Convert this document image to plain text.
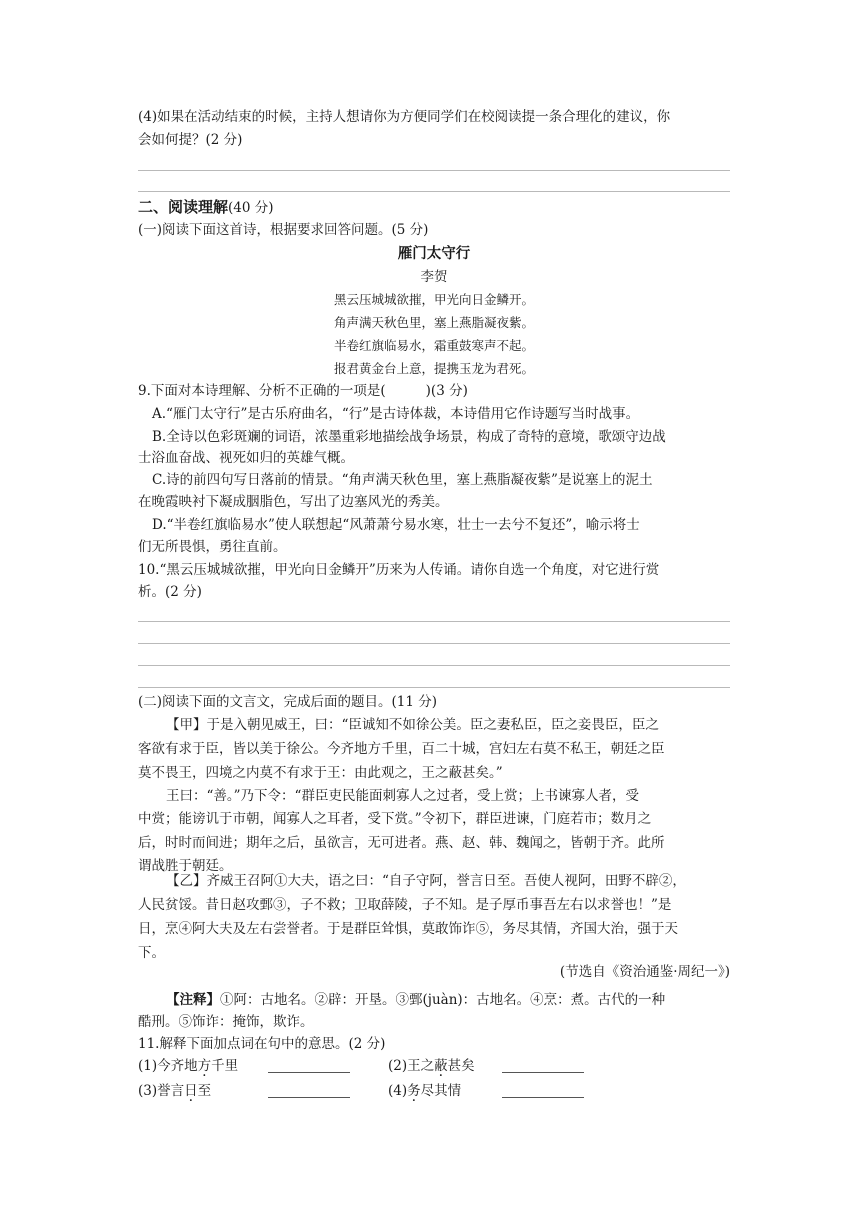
(4)如果在活动结束的时候，主持人想请你为方便同学们在校阅读提一条合理化的建议，你
会如何提？(2 分)
二、阅读理解(40 分)
(一)阅读下面这首诗，根据要求回答问题。(5 分)
雁门太守行
李贺
黑云压城城欲摧，甲光向日金鳞开。
角声满天秋色里，塞上燕脂凝夜紫。
半卷红旗临易水，霜重鼓寒声不起。
报君黄金台上意，提携玉龙为君死。
9.下面对本诗理解、分析不正确的一项是(	)(3 分)
A.“雁门太守行”是古乐府曲名，“行”是古诗体裁，本诗借用它作诗题写当时战事。
B.全诗以色彩斑斓的词语，浓墨重彩地描绘战争场景，构成了奇特的意境，歌颂守边战
士浴血奋战、视死如归的英雄气概。
C.诗的前四句写日落前的情景。“角声满天秋色里，塞上燕脂凝夜紫”是说塞上的泥土
在晚霞映衬下凝成胭脂色，写出了边塞风光的秀美。
D.“半卷红旗临易水”使人联想起“风萧萧兮易水寒，壮士一去兮不复还”，喻示将士
们无所畏惧，勇往直前。
10.“黑云压城城欲摧，甲光向日金鳞开”历来为人传诵。请你自选一个角度，对它进行赏
析。(2 分)
(二)阅读下面的文言文，完成后面的题目。(11 分)
【甲】于是入朝见威王，曰：“臣诚知不如徐公美。臣之妻私臣，臣之妾畏臣，臣之
客欲有求于臣，皆以美于徐公。今齐地方千里，百二十城，宫妇左右莫不私王，朝廷之臣
莫不畏王，四境之内莫不有求于王：由此观之，王之蔽甚矣。”
王曰：“善。”乃下令：“群臣吏民能面刺寡人之过者，受上赏；上书谏寡人者，受
中赏；能谤讥于市朝，闻寡人之耳者，受下赏。”令初下，群臣进谏，门庭若市；数月之
后，时时而间进；期年之后，虽欲言，无可进者。燕、赵、韩、魏闻之，皆朝于齐。此所
谓战胜于朝廷。
【乙】齐威王召阿①大夫，语之曰：“自子守阿，誉言日至。吾使人视阿，田野不辟②，
人民贫馁。昔日赵攻鄄③，子不救；卫取薛陵，子不知。是子厚币事吾左右以求誉也！”是
日，烹④阿大夫及左右尝誉者。于是群臣耸惧，莫敢饰诈⑤，务尽其情，齐国大治，强于天
下。
(节选自《资治通鉴·周纪一》)
【注释】①阿：古地名。②辟：开垦。③鄄(juàn)：古地名。④烹：煮。古代的一种
酷刑。⑤饰诈：掩饰，欺诈。
11.解释下面加点词在句中的意思。(2 分)
(1)今齐地方千里	(2)王之蔽甚矣
(3)誉言日至	(4)务尽其情
